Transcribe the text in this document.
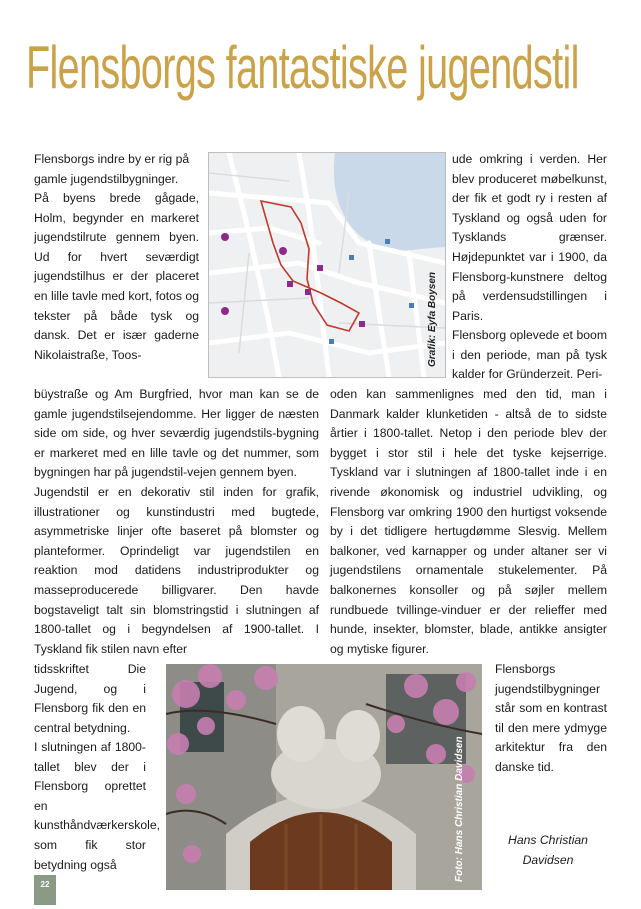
Flensborgs fantastiske jugendstil

Flensborgs indre by er rig på gamle jugendstilbygninger.

På byens brede gågade, Holm, begynder en markeret jugendstilrute gennem byen. Ud for hvert seværdigt jugendstilhus er der placeret en lille tavle med kort, fotos og tekster på både tysk og dansk. Det er især gaderne Nikolaistraße, Toos-	Grafik: Eyfa Boysen

büystraße og Am Burgfried, hvor man kan se de gamle jugendstilsejendomme. Her ligger de næsten side om side, og hver seværdig jugendstils-bygning er markeret med en lille tavle og det nummer, som bygningen har på jugendstil-vejen gennem byen.

Jugendstil er en dekorativ stil inden for grafik, illustrationer og kunstindustri med bugtede, asymmetriske linjer ofte baseret på blomster og planteformer. Oprindeligt var jugendstilen en reaktion mod datidens industriprodukter og masseproducerede billigvarer. Den havde bogstaveligt talt sin blomstringstid i slutningen af 1800-tallet og i begyndelsen af 1900-tallet. I Tyskland fik stilen navn efter

tidsskriftet Die Jugend, og i Flensborg fik den en central betydning.

I slutningen af 1800-tallet blev der i Flensborg oprettet en kunsthåndværkerskole, som fik stor betydning også

ude omkring i verden. Her blev produceret møbelkunst, der fik et godt ry i resten af Tyskland og også uden for Tysklands grænser. Højdepunktet var i 1900, da Flensborg-kunstnere deltog på verdensudstillingen i Paris.

Flensborg oplevede et boom i den periode, man på tysk kalder for Gründerzeit. Peri-

oden kan sammenlignes med den tid, man i Danmark kalder klunketiden - altså de to sidste årtier i 1800-tallet. Netop i den periode blev der bygget i stor stil i hele det tyske kejserrige. Tyskland var i slutningen af 1800-tallet inde i en rivende økonomisk og industriel udvikling, og Flensborg var omkring 1900 den hurtigst voksende by i det tidligere hertugdømme Slesvig. Mellem balkoner, ved karnapper og under altaner ser vi jugendstilens ornamentale stukelementer. På balkonernes konsoller og på søjler mellem rundbuede tvillinge-vinduer er der relieffer med hunde, insekter, blomster, blade, antikke ansigter og mytiske figurer.

Flensborgs jugendstilbygninger står som en kontrast til den mere ydmyge arkitektur fra den danske tid.

Foto: Hans Christian Davidsen	Hans Christian
Davidsen
22
